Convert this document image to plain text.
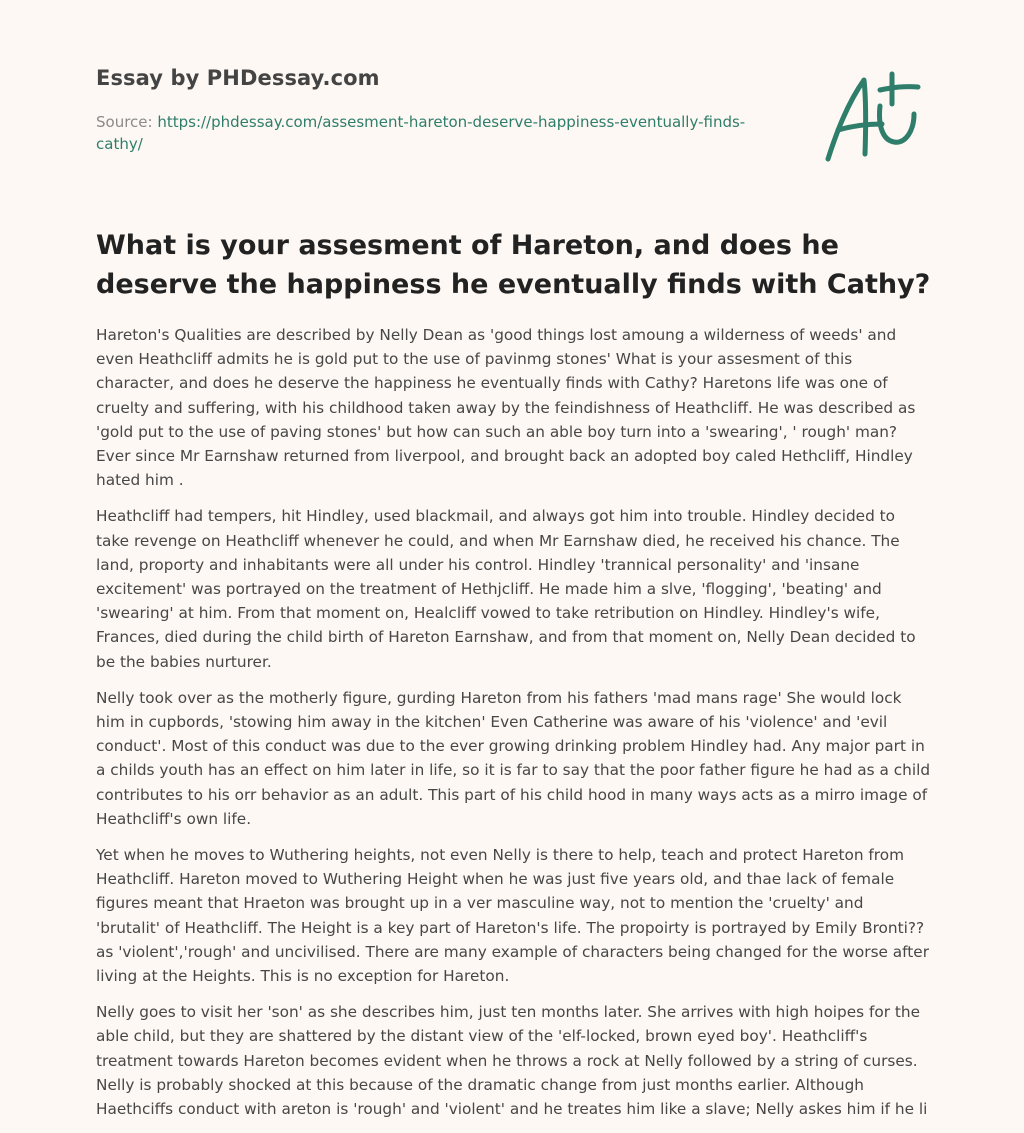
Essay by PHDessay.com
Source: https://phdessay.com/assesment-hareton-deserve-happiness-eventually-finds-cathy/
What is your assesment of Hareton, and does he deserve the happiness he eventually finds with Cathy?

Hareton's Qualities are described by Nelly Dean as 'good things lost amoung a wilderness of weeds' and even Heathcliff admits he is gold put to the use of pavinmg stones' What is your assesment of this character, and does he deserve the happiness he eventually finds with Cathy? Haretons life was one of cruelty and suffering, with his childhood taken away by the feindishness of Heathcliff. He was described as 'gold put to the use of paving stones' but how can such an able boy turn into a 'swearing', ' rough' man? Ever since Mr Earnshaw returned from liverpool, and brought back an adopted boy caled Hethcliff, Hindley hated him .

Heathcliff had tempers, hit Hindley, used blackmail, and always got him into trouble. Hindley decided to take revenge on Heathcliff whenever he could, and when Mr Earnshaw died, he received his chance. The land, proporty and inhabitants were all under his control. Hindley 'trannical personality' and 'insane excitement' was portrayed on the treatment of Hethjcliff. He made him a slve, 'flogging', 'beating' and 'swearing' at him. From that moment on, Healcliff vowed to take retribution on Hindley. Hindley's wife, Frances, died during the child birth of Hareton Earnshaw, and from that moment on, Nelly Dean decided to be the babies nurturer.

Nelly took over as the motherly figure, gurding Hareton from his fathers 'mad mans rage' She would lock him in cupbords, 'stowing him away in the kitchen' Even Catherine was aware of his 'violence' and 'evil conduct'. Most of this conduct was due to the ever growing drinking problem Hindley had. Any major part in a childs youth has an effect on him later in life, so it is far to say that the poor father figure he had as a child contributes to his orr behavior as an adult. This part of his child hood in many ways acts as a mirro image of Heathcliff's own life.

Yet when he moves to Wuthering heights, not even Nelly is there to help, teach and protect Hareton from Heathcliff. Hareton moved to Wuthering Height when he was just five years old, and thae lack of female figures meant that Hraeton was brought up in a ver masculine way, not to mention the 'cruelty' and 'brutalit' of Heathcliff. The Height is a key part of Hareton's life. The propoirty is portrayed by Emily Bronti?? as 'violent','rough' and uncivilised. There are many example of characters being changed for the worse after living at the Heights. This is no exception for Hareton.

Nelly goes to visit her 'son' as she describes him, just ten months later. She arrives with high hoipes for the able child, but they are shattered by the distant view of the 'elf-locked, brown eyed boy'. Heathcliff's treatment towards Hareton becomes evident when he throws a rock at Nelly followed by a string of curses. Nelly is probably shocked at this because of the dramatic change from just months earlier. Although Haethciffs conduct with areton is 'rough' and 'violent' and he treates him like a slave; Nelly askes him if he li
